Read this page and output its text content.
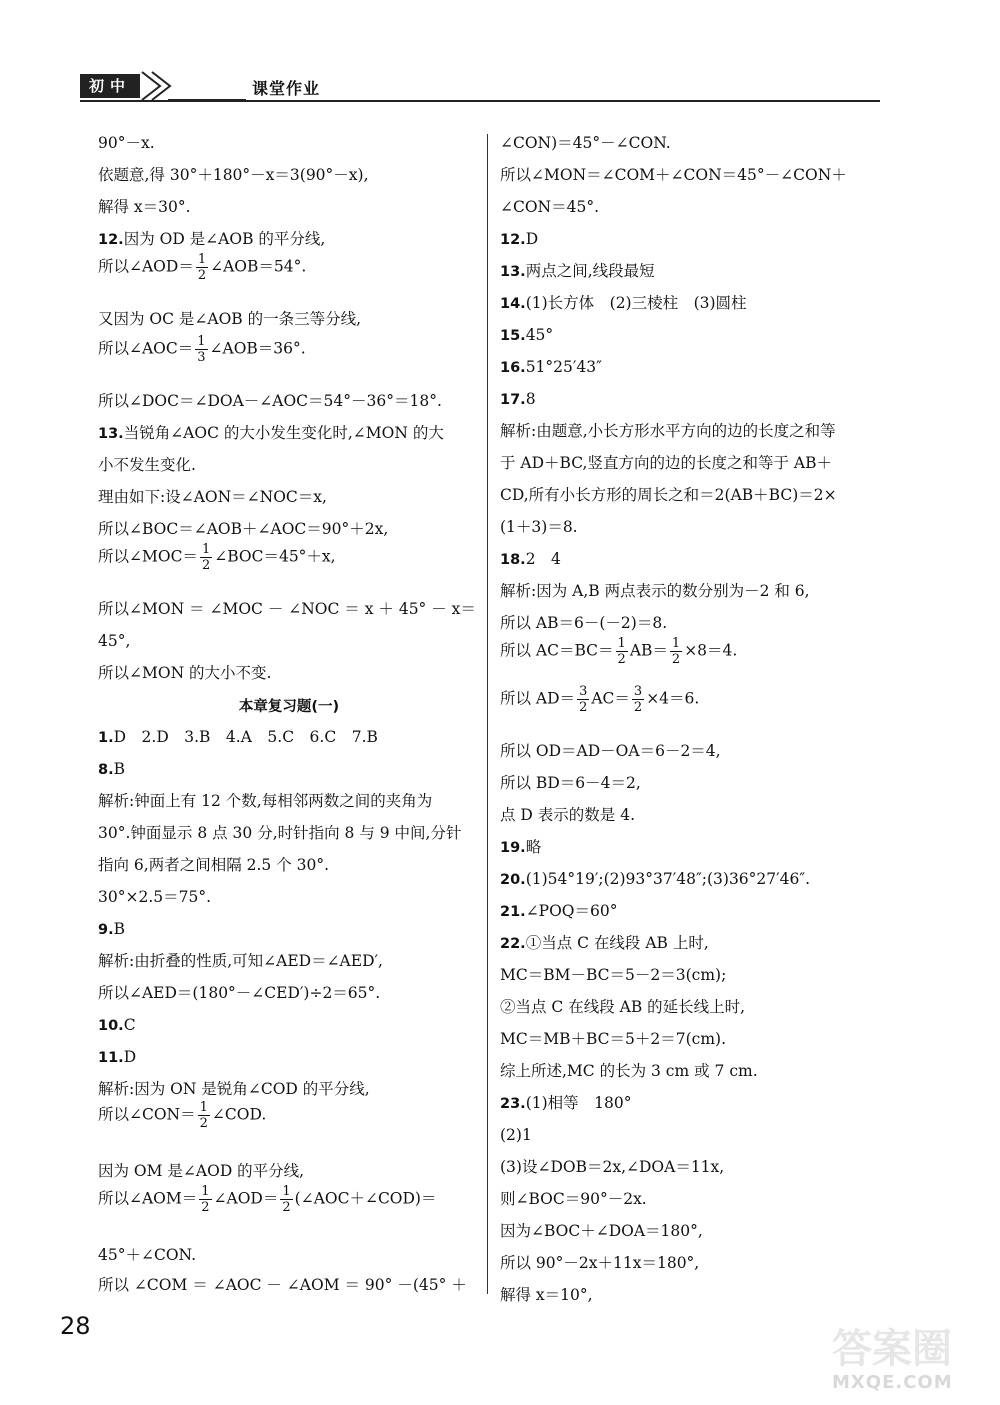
初中	课堂作业
90°－x.
依题意,得 30°＋180°－x＝3(90°－x),
解得 x＝30°.
12.因为 OD 是∠AOB 的平分线,
所以∠AOD＝ $\frac{1}{2}$ ∠AOB＝54°.
又因为 OC 是∠AOB 的一条三等分线,
所以∠AOC＝ $\frac{1}{3}$ ∠AOB＝36°.
所以∠DOC＝∠DOA－∠AOC＝54°－36°＝18°.
13.当锐角∠AOC 的大小发生变化时,∠MON 的大
小不发生变化.
理由如下:设∠AON＝∠NOC＝x,
所以∠BOC＝∠AOB＋∠AOC＝90°＋2x,
所以∠MOC＝ $\frac{1}{2}$ ∠BOC＝45°＋x,
所以∠MON ＝ ∠MOC － ∠NOC ＝ x ＋ 45° － x＝
45°,
所以∠MON 的大小不变.
本章复习题(一)
1.D　2.D　3.B　4.A　5.C　6.C　7.B
8.B
解析:钟面上有 12 个数,每相邻两数之间的夹角为
30°.钟面显示 8 点 30 分,时针指向 8 与 9 中间,分针
指向 6,两者之间相隔 2.5 个 30°.
30°×2.5＝75°.
9.B
解析:由折叠的性质,可知∠AED＝∠AED′,
所以∠AED＝(180°－∠CED′)÷2＝65°.
10.C
11.D
解析:因为 ON 是锐角∠COD 的平分线,
所以∠CON＝ $\frac{1}{2}$ ∠COD.
因为 OM 是∠AOD 的平分线,
所以∠AOM＝ $\frac{1}{2}$ ∠AOD＝ $\frac{1}{2}$ (∠AOC＋∠COD)＝
45°＋∠CON.
所以 ∠COM ＝ ∠AOC － ∠AOM ＝ 90° －(45° ＋
∠CON)＝45°－∠CON.
所以∠MON＝∠COM＋∠CON＝45°－∠CON＋
∠CON＝45°.
12.D
13.两点之间,线段最短
14.(1)长方体　(2)三棱柱　(3)圆柱
15.45°
16.51°25′43″
17.8
解析:由题意,小长方形水平方向的边的长度之和等
于 AD＋BC,竖直方向的边的长度之和等于 AB＋
CD,所有小长方形的周长之和＝2(AB＋BC)＝2×
(1＋3)＝8.
18.2　4
解析:因为 A,B 两点表示的数分别为－2 和 6,
所以 AB＝6－(－2)＝8.
所以 $AC=BC= \frac{1}{2} AB= \frac{1}{2} \times 8=4$.
所以 $AD= \frac{3}{2} AC= \frac{3}{2} \times 4=6$.
所以 OD＝AD－OA＝6－2＝4,
所以 BD＝6－4＝2,
点 D 表示的数是 4.
19.略
20.(1)54°19′;(2)93°37′48″;(3)36°27′46″.
21.∠POQ＝60°
22.①当点 C 在线段 AB 上时,
MC＝BM－BC＝5－2＝3(cm);
②当点 C 在线段 AB 的延长线上时,
MC＝MB＋BC＝5＋2＝7(cm).
综上所述,MC 的长为 3 cm 或 7 cm.
23.(1)相等　180°
(2)1
(3)设∠DOB＝2x,∠DOA＝11x,
则∠BOC＝90°－2x.
因为∠BOC＋∠DOA＝180°,
所以 90°－2x＋11x＝180°,
解得 x＝10°,
28	答案圈
MXQE.COM
